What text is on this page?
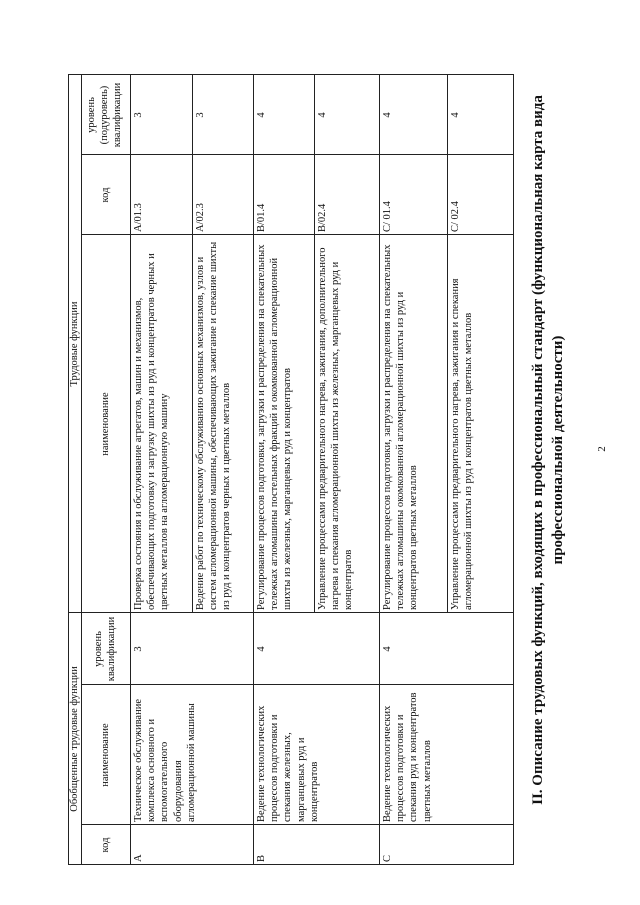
2
II. Описание трудовых функций, входящих в профессиональный стандарт (функциональная карта вида профессиональной деятельности)
Обобщенные трудовые функции
Трудовые функции
код
наименование
уровень квалификации
наименование
код
уровень (подуровень) квалификации
A
Техническое обслуживание комплекса основного и вспомогательного оборудования агломерационной машины
3
Проверка состояния и обслуживание агрегатов, машин и механизмов, обеспечивающих подготовку и загрузку шихты из руд и концентратов черных и цветных металлов на агломерационную машину
A/01.3
3
Ведение работ по техническому обслуживанию основных механизмов, узлов и систем агломерационной машины, обеспечивающих зажигание и спекание шихты из руд и концентратов черных и цветных металлов
A/02.3
3
B
Ведение технологических процессов подготовки и спекания железных, марганцевых руд и концентратов
4
Регулирование процессов подготовки, загрузки и распределения на спекательных тележках агломашины постельных фракций и окомкованной агломерационной шихты из железных, марганцевых руд и концентратов
B/01.4
4
Управление процессами предварительного нагрева, зажигания, дополнительного нагрева и спекания агломерационной шихты из железных, марганцевых руд и концентратов
B/02.4
4
C
Ведение технологических процессов подготовки и спекания руд и концентратов цветных металлов
4
Регулирование процессов подготовки, загрузки и распределения на спекательных тележках агломашины окомкованной агломерационной шихты из руд и концентратов цветных металлов
C/ 01.4
4
Управление процессами предварительного нагрева, зажигания и спекания агломерационной шихты из руд и концентратов цветных металлов
C/ 02.4
4
